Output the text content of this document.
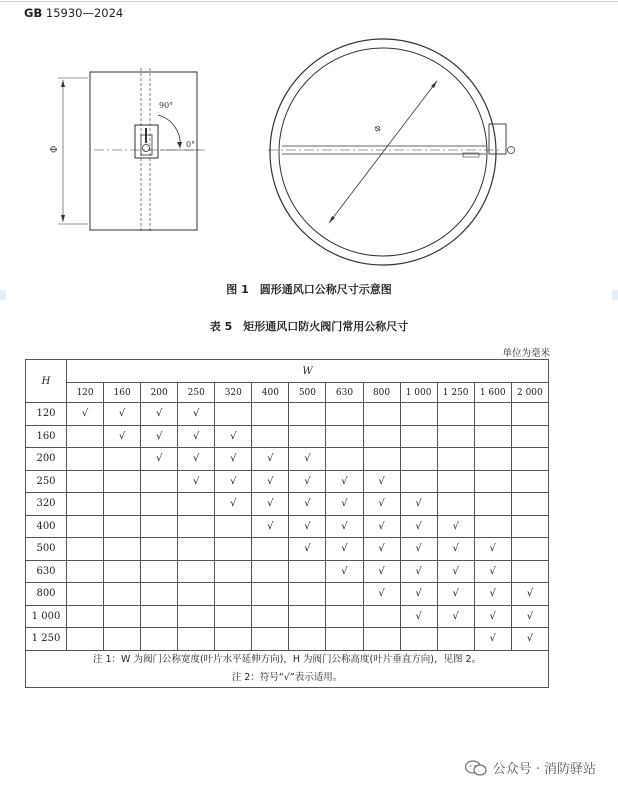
GB 15930—2024
Φ
90°
0°
Φ
图 1　圆形通风口公称尺寸示意图
表 5　矩形通风口防火阀门常用公称尺寸
单位为毫米
H	W												
	120	160	200	250	320	400	500	630	800	1 000	1 250	1 600	2 000
120	√	√	√	√									
160		√	√	√	√								
200			√	√	√	√	√						
250				√	√	√	√	√	√				
320					√	√	√	√	√	√			
400						√	√	√	√	√	√		
500							√	√	√	√	√	√	
630								√	√	√	√	√	
800									√	√	√	√	√
1 000										√	√	√	√
1 250												√	√

注 1：W 为阀门公称宽度(叶片水平延伸方向)，H 为阀门公称高度(叶片垂直方向)，见图 2。
注 2：符号“√”表示适用。													
公众号 · 消防驿站
